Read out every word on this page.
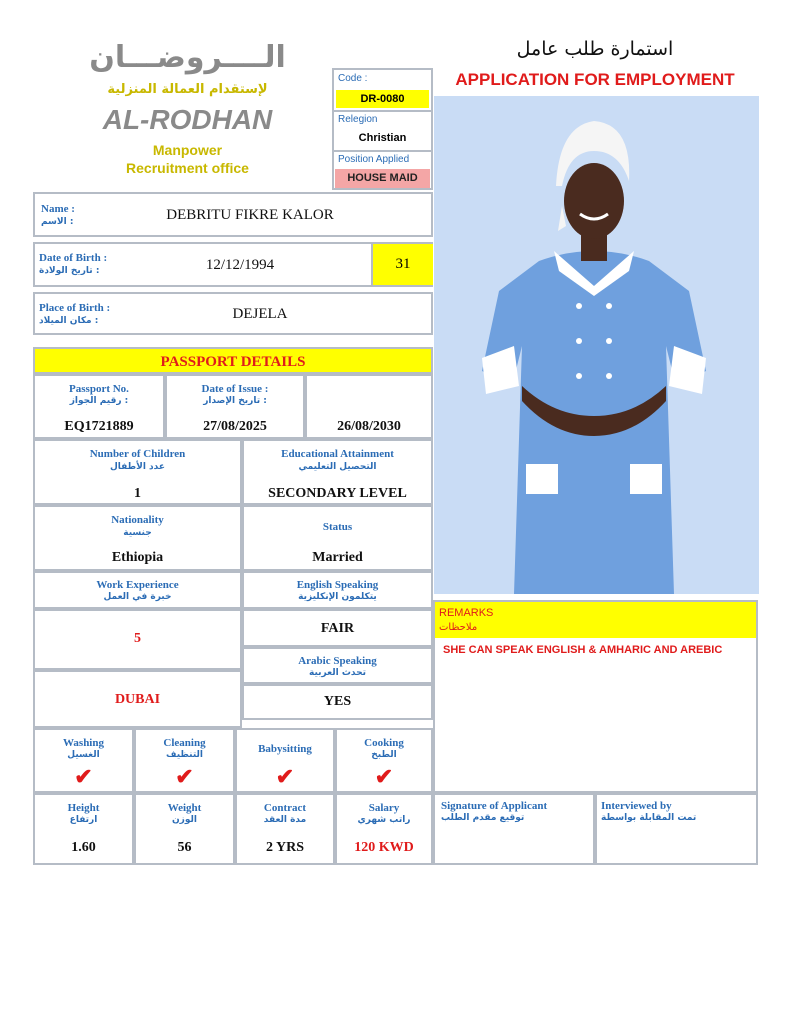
الــــروضـــان
لإستقدام العمالة المنزلية
AL-RODHAN
Manpower
Recruitment office
استمارة طلب عامل
APPLICATION FOR EMPLOYMENT
Code :
DR-0080
Relegion
Christian
Position Applied
HOUSE MAID
Name :
الاسم :	DEBRITU FIKRE KALOR
Date of Birth :
تاريخ الولادة :	12/12/1994	31
Place of Birth :
مكان الميلاد :	DEJELA
PASSPORT DETAILS
Passport No.
رقيم الجواز :
EQ1721889
Date of Issue :
تاريخ الإصدار :
27/08/2025	26/08/2030
Number of Children
عدد الأطفال
1
Educational Attainment
التحصيل التعليمي
SECONDARY LEVEL
Nationality
جنسية
Ethiopia
Status
Married
Work Experience
خبرة في العمل
5
DUBAI
English Speaking
يتكلمون الإنكليزية
FAIR
Arabic Speaking
تحدث العربية
YES
REMARKS
ملاحظات
SHE CAN SPEAK ENGLISH & AMHARIC AND AREBIC
Washing
الغسيل
✔
Cleaning
التنظيف
✔
Babysitting
✔
Cooking
الطبخ
✔
Height
ارتفاع
1.60
Weight
الوزن
56
Contract
مدة العقد
2 YRS
Salary
راتب شهري
120 KWD
Signature of Applicant
توقيع مقدم الطلب
Interviewed by
تمت المقابلة بواسطة
